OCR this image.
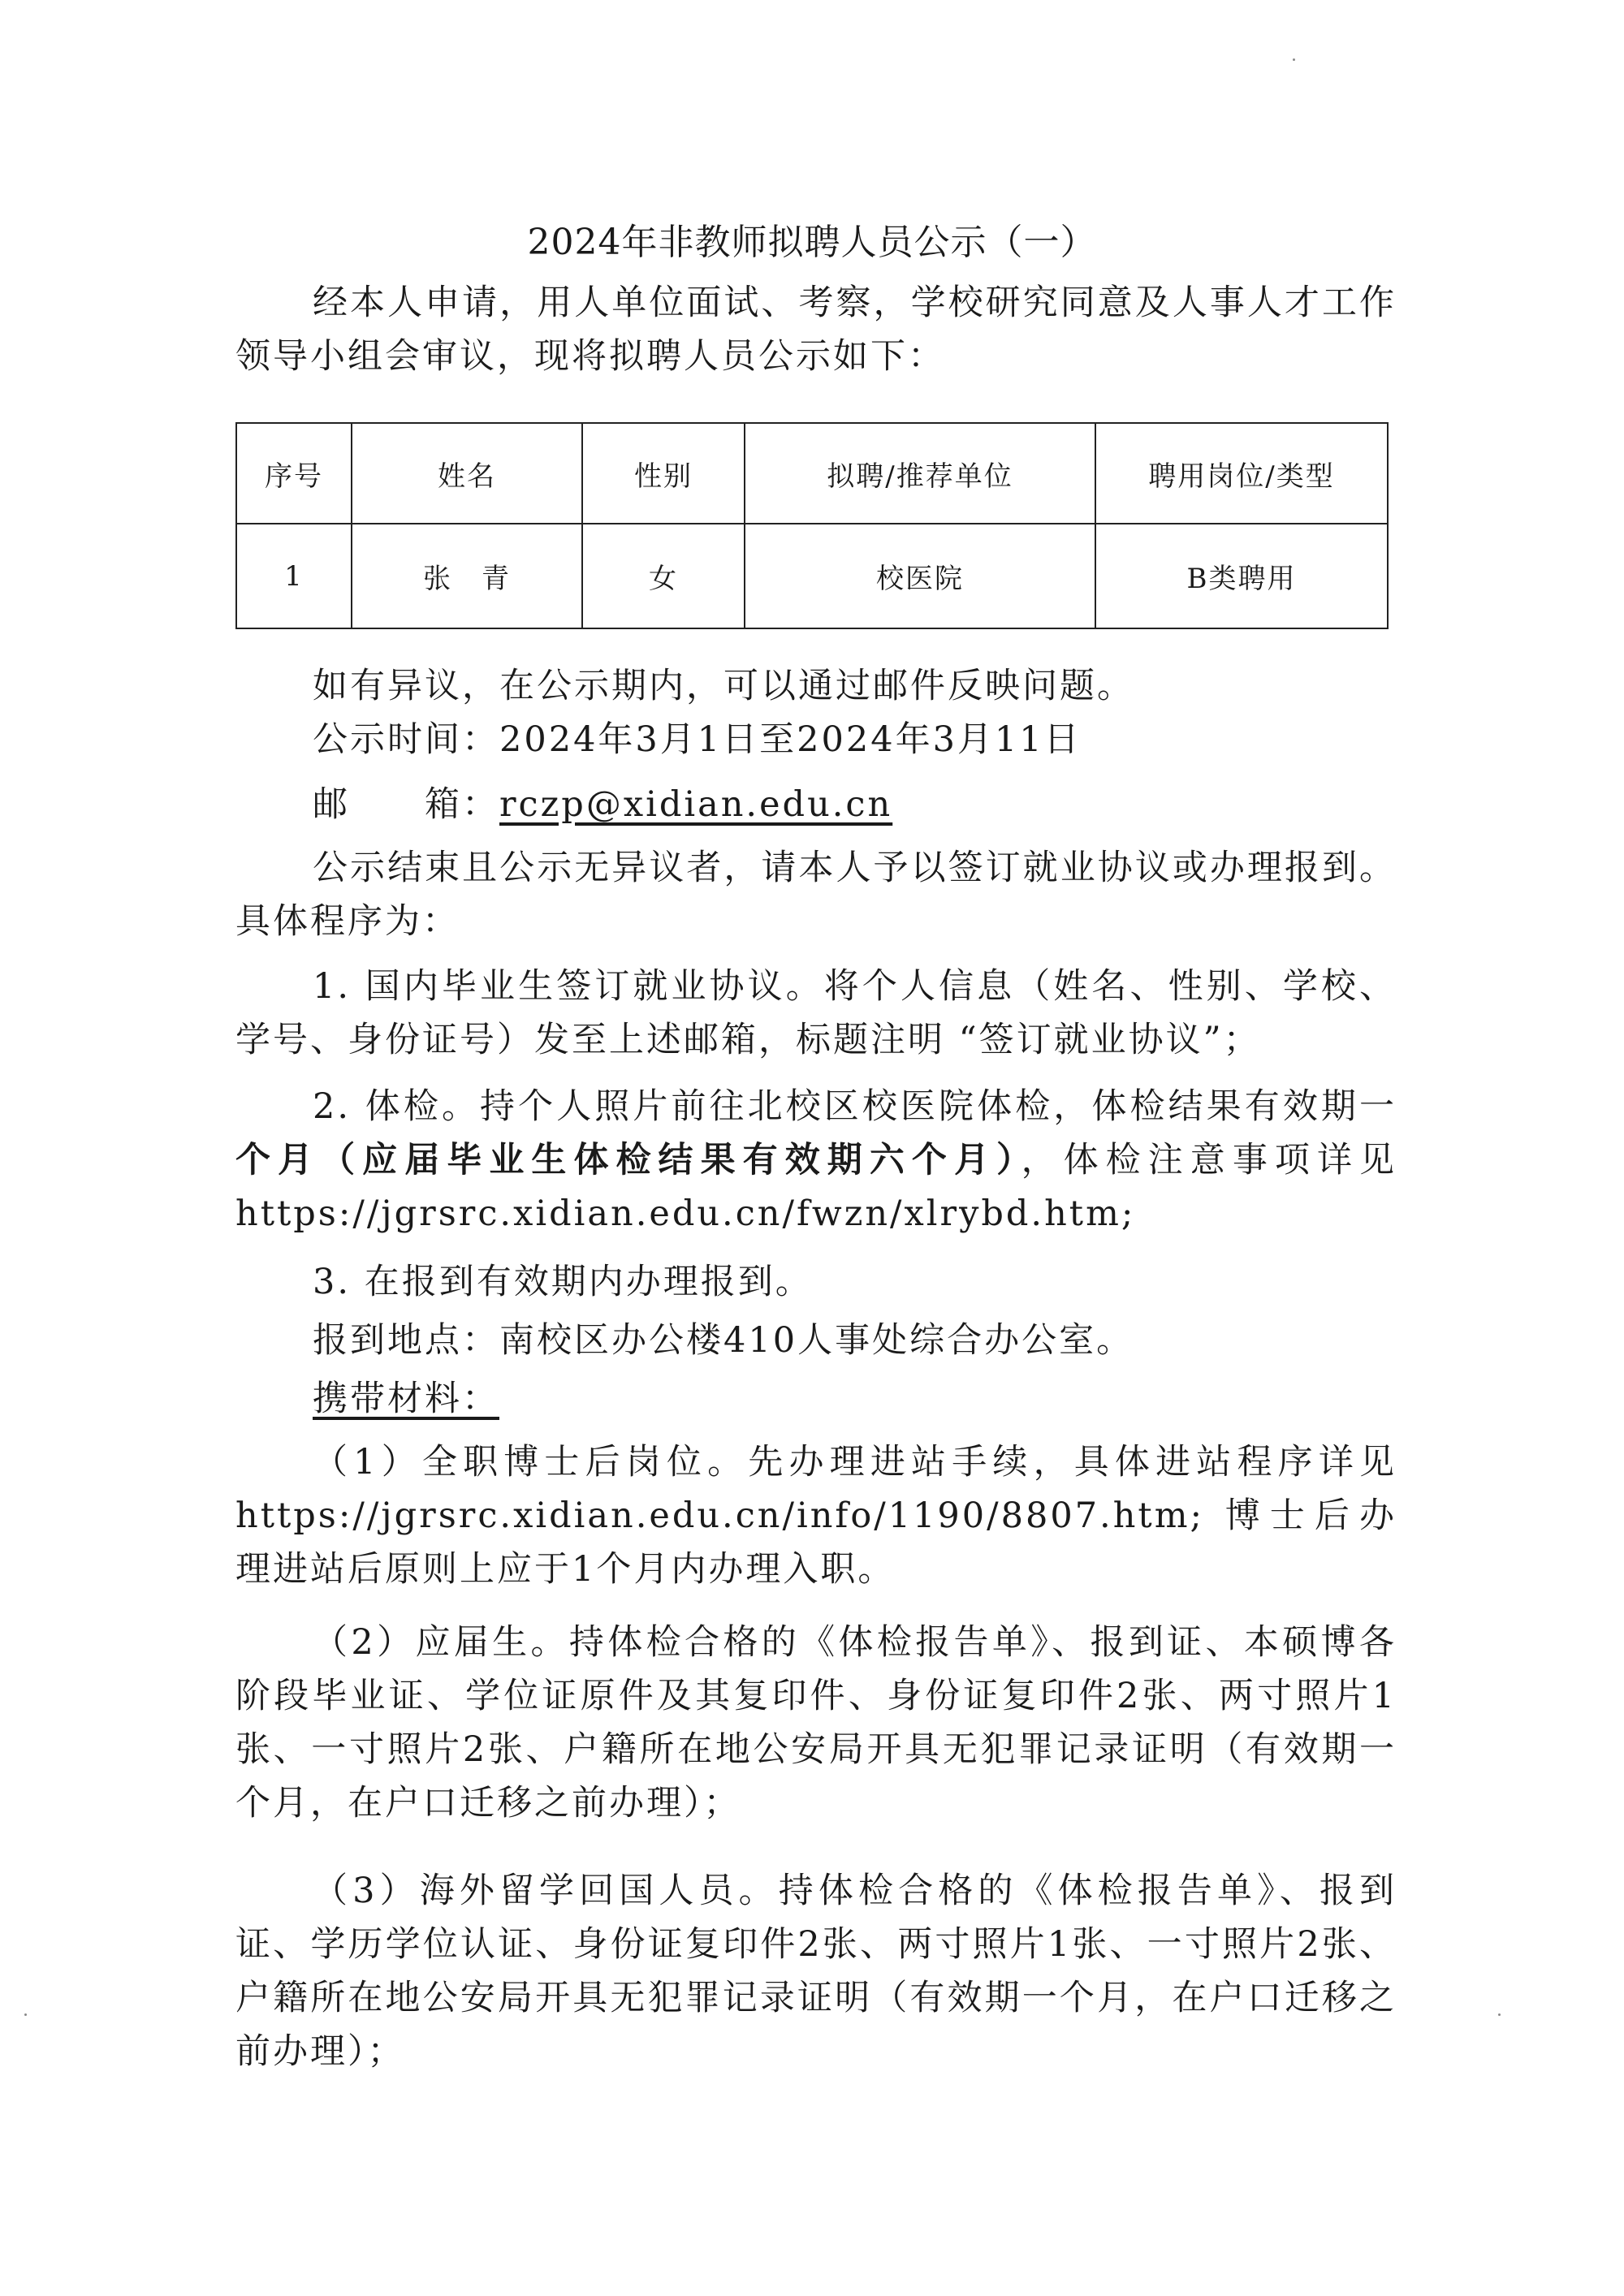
2024年非教师拟聘人员公示（一）
经本人申请，用人单位面试、考察，学校研究同意及人事人才工作领导小组会审议，现将拟聘人员公示如下：
序号	姓名	性别	拟聘/推荐单位	聘用岗位/类型
1	张　青	女	校医院	B类聘用
如有异议，在公示期内，可以通过邮件反映问题。
公示时间：2024年3月1日至2024年3月11日
邮　　箱：rczp@xidian.edu.cn
公示结束且公示无异议者，请本人予以签订就业协议或办理报到。具体程序为：
1. 国内毕业生签订就业协议。将个人信息（姓名、性别、学校、学号、身份证号）发至上述邮箱，标题注明 “签订就业协议”；
2. 体检。持个人照片前往北校区校医院体检，体检结果有效期一个月（应届毕业生体检结果有效期六个月），体检注意事项详见 https://jgrsrc.xidian.edu.cn/fwzn/xlrybd.htm;
3. 在报到有效期内办理报到。
报到地点：南校区办公楼410人事处综合办公室。
携带材料：
（1）全职博士后岗位。先办理进站手续，具体进站程序详见 https://jgrsrc.xidian.edu.cn/info/1190/8807.htm; 博士后办理进站后原则上应于1个月内办理入职。
（2）应届生。持体检合格的《体检报告单》、报到证、本硕博各阶段毕业证、学位证原件及其复印件、身份证复印件2张、两寸照片1张、一寸照片2张、户籍所在地公安局开具无犯罪记录证明（有效期一个月，在户口迁移之前办理）；
（3）海外留学回国人员。持体检合格的《体检报告单》、报到证、学历学位认证、身份证复印件2张、两寸照片1张、一寸照片2张、户籍所在地公安局开具无犯罪记录证明（有效期一个月，在户口迁移之前办理）；
